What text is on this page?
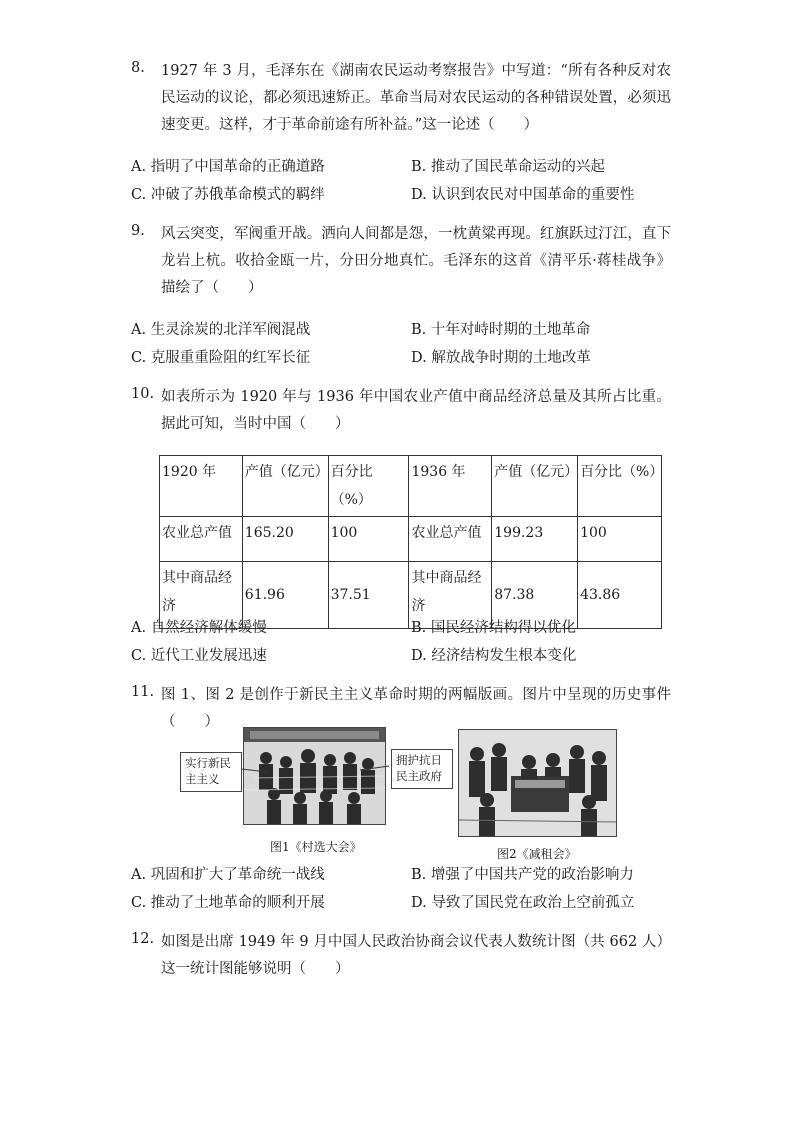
8.	1927 年 3 月，毛泽东在《湖南农民运动考察报告》中写道：“所有各种反对农民运动的议论，都必须迅速矫正。革命当局对农民运动的各种错误处置，必须迅速变更。这样，才于革命前途有所补益。”这一论述（　　）
A. 指明了中国革命的正确道路	B. 推动了国民革命运动的兴起
C. 冲破了苏俄革命模式的羁绊	D. 认识到农民对中国革命的重要性
9.	风云突变，军阀重开战。洒向人间都是怨，一枕黄粱再现。红旗跃过汀江，直下龙岩上杭。收拾金瓯一片，分田分地真忙。毛泽东的这首《清平乐·蒋桂战争》描绘了（　　）
A. 生灵涂炭的北洋军阀混战	B. 十年对峙时期的土地革命
C. 克服重重险阻的红军长征	D. 解放战争时期的土地改革
10. 如表所示为 1920 年与 1936 年中国农业产值中商品经济总量及其所占比重。据此可知，当时中国（　　）
1920 年	产值（亿元）	百分比（%）	1936 年	产值（亿元）	百分比（%）
农业总产值	165.20	100	农业总产值	199.23	100
其中商品经济	61.96	37.51	其中商品经济	87.38	43.86
A. 自然经济解体缓慢	B. 国民经济结构得以优化
C. 近代工业发展迅速	D. 经济结构发生根本变化
11. 图 1、图 2 是创作于新民主主义革命时期的两幅版画。图片中呈现的历史事件（　　）
实行新民主主义
拥护抗日民主政府
图1《村选大会》	图2《减租会》
A. 巩固和扩大了革命统一战线	B. 增强了中国共产党的政治影响力
C. 推动了土地革命的顺利开展	D. 导致了国民党在政治上空前孤立
12. 如图是出席 1949 年 9 月中国人民政治协商会议代表人数统计图（共 662 人）这一统计图能够说明（　　）
